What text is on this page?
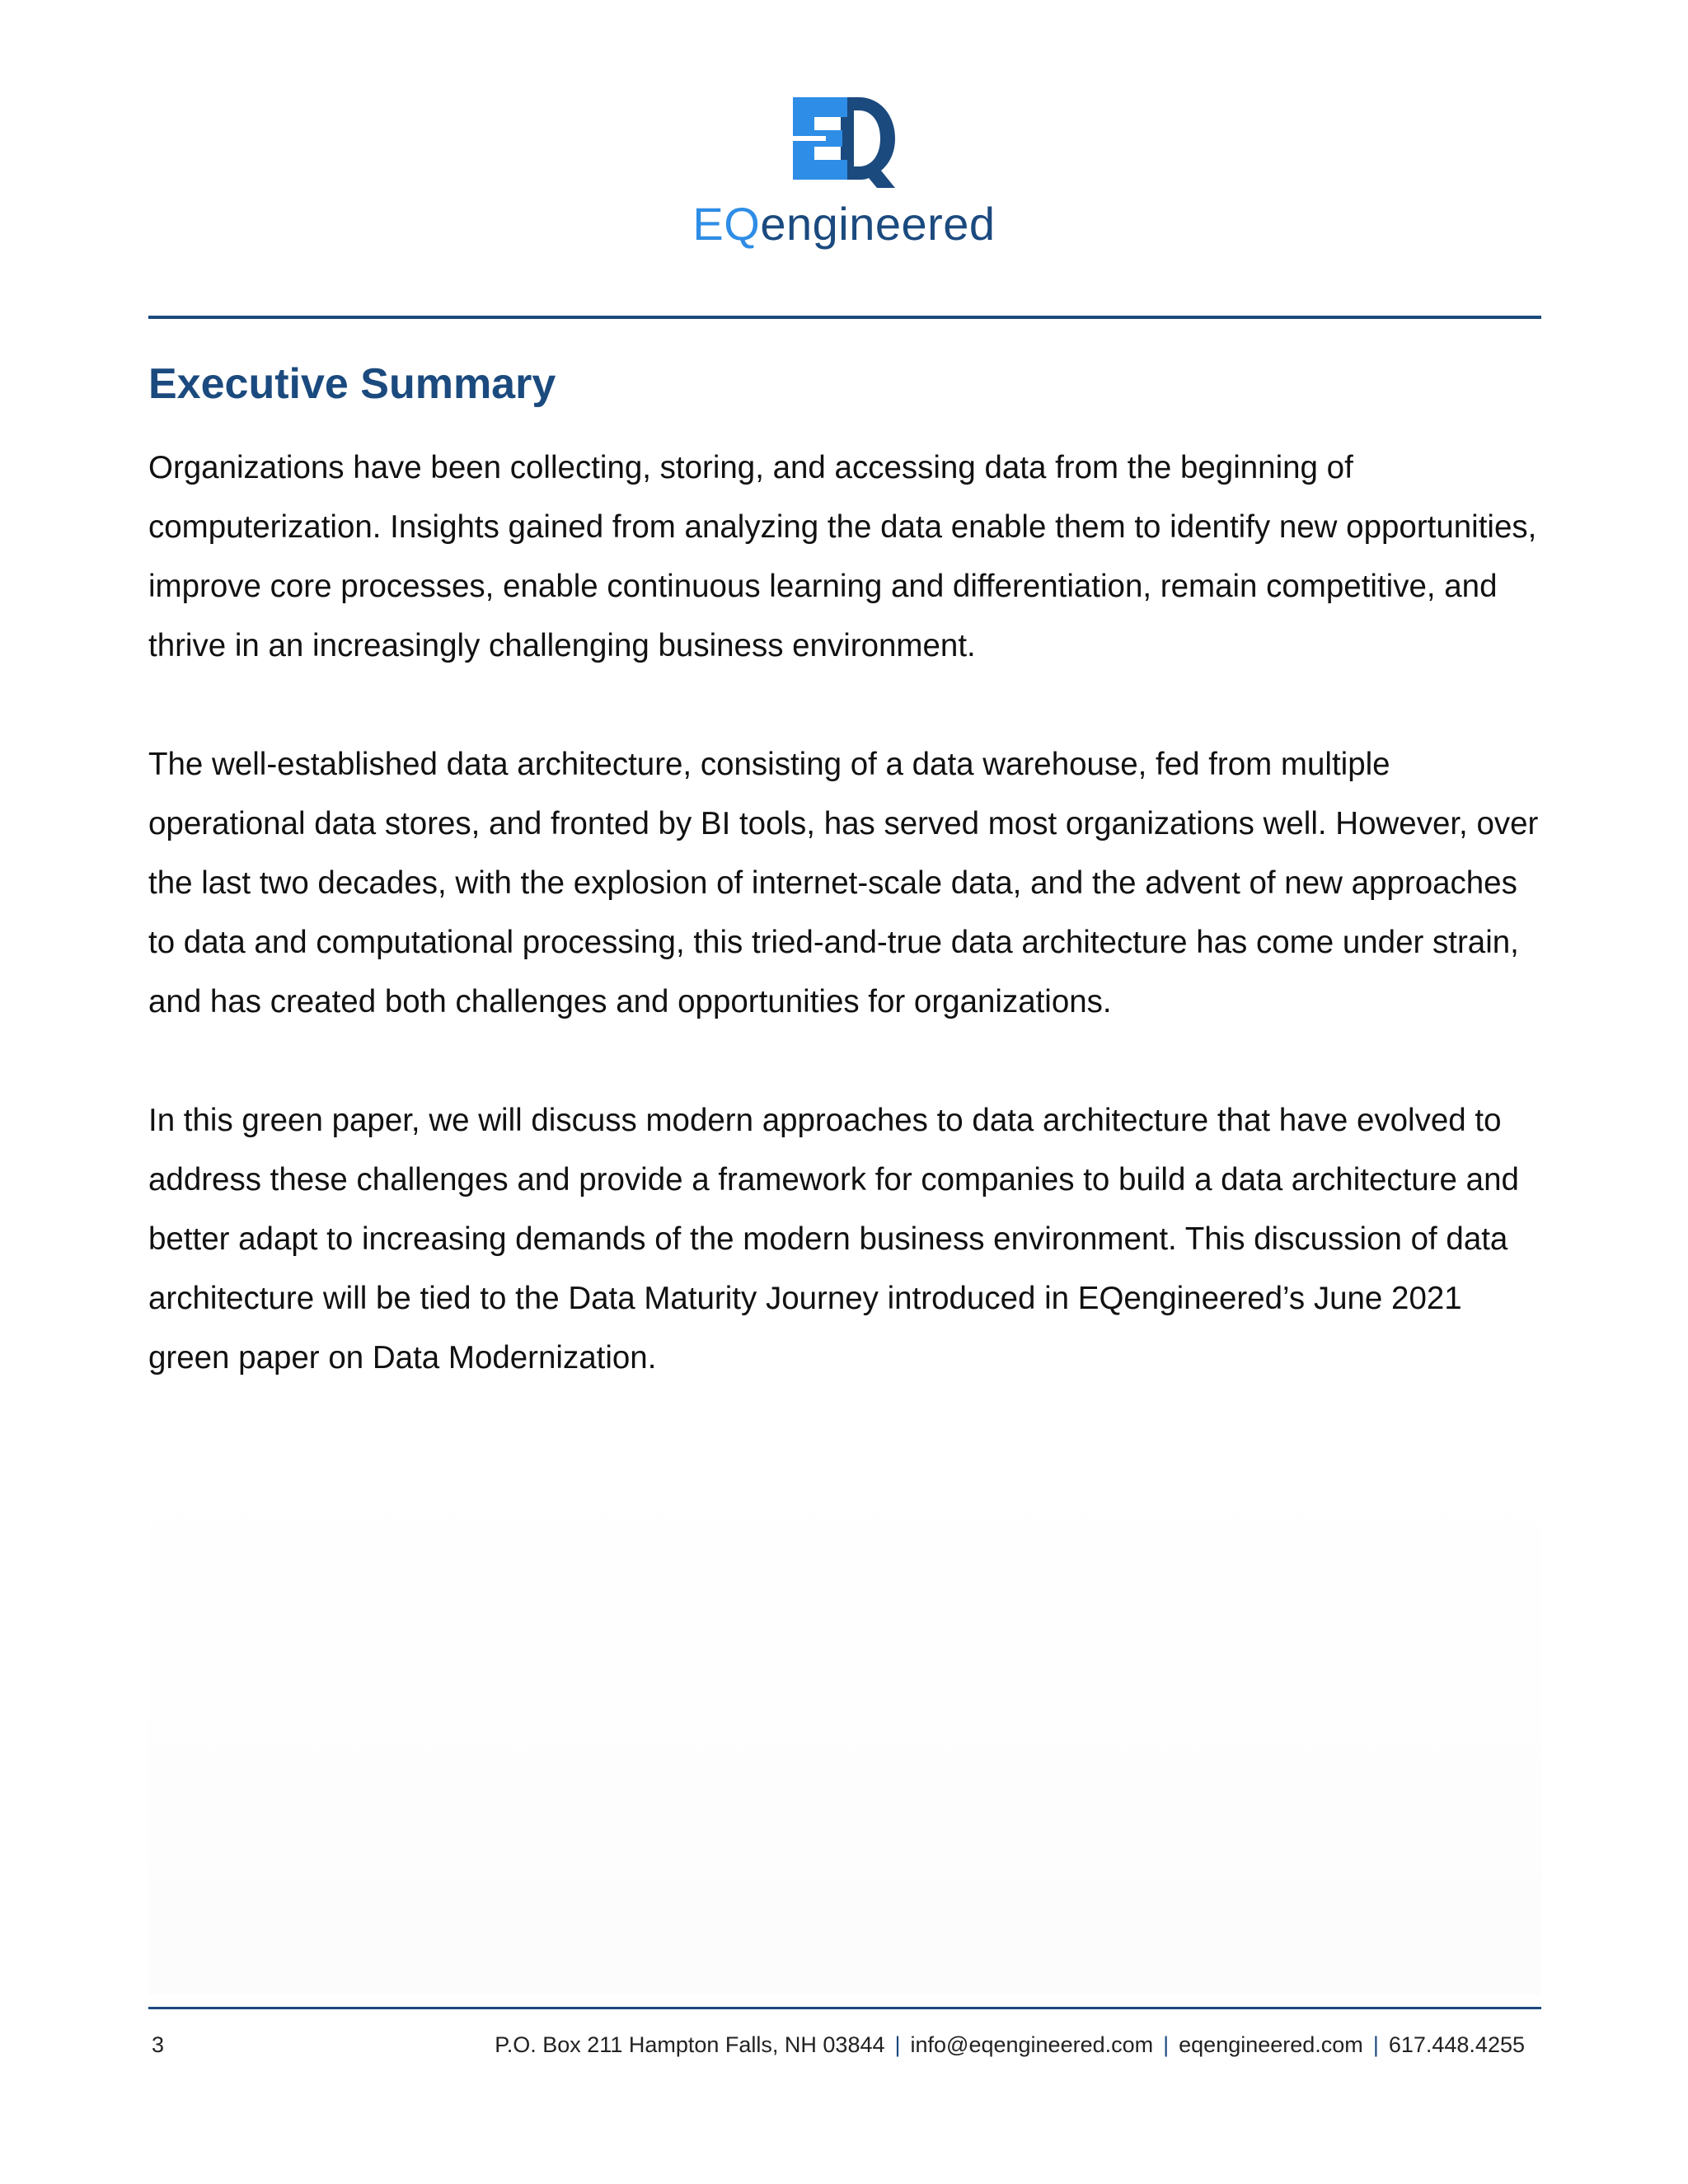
EQengineered
Executive Summary

Organizations have been collecting, storing, and accessing data from the beginning of computerization. Insights gained from analyzing the data enable them to identify new opportunities, improve core processes, enable continuous learning and differentiation, remain competitive, and thrive in an increasingly challenging business environment.

The well-established data architecture, consisting of a data warehouse, fed from multiple operational data stores, and fronted by BI tools, has served most organizations well. However, over the last two decades, with the explosion of internet-scale data, and the advent of new approaches to data and computational processing, this tried-and-true data architecture has come under strain, and has created both challenges and opportunities for organizations.

In this green paper, we will discuss modern approaches to data architecture that have evolved to address these challenges and provide a framework for companies to build a data architecture and better adapt to increasing demands of the modern business environment. This discussion of data architecture will be tied to the Data Maturity Journey introduced in EQengineered’s June 2021 green paper on Data Modernization.

3	P.O. Box 211 Hampton Falls, NH 03844 | info@eqengineered.com | eqengineered.com | 617.448.4255
